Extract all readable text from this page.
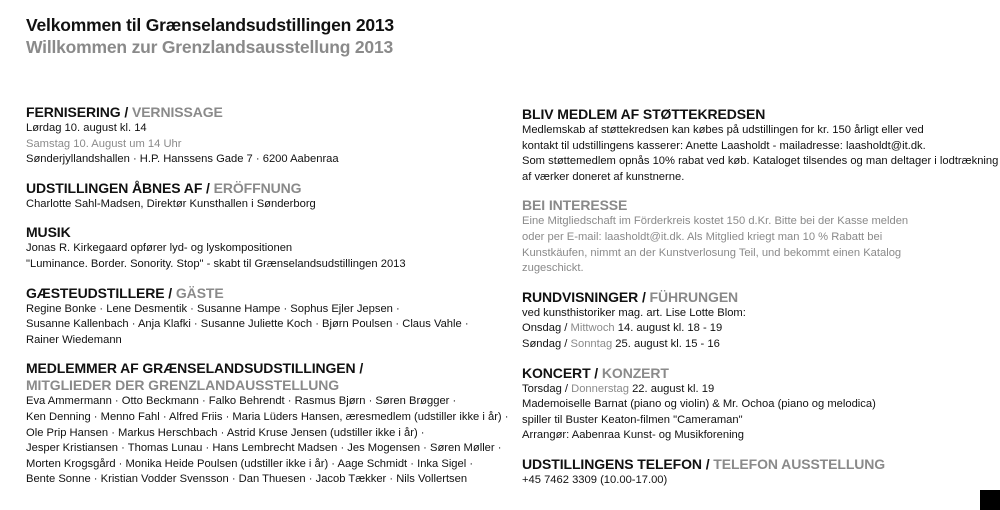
Velkommen til Grænselandsudstillingen 2013
Willkommen zur Grenzlandsausstellung 2013
FERNISERING / VERNISSAGE
Lørdag 10. august kl. 14
Samstag 10. August um 14 Uhr
Sønderjyllandshallen · H.P. Hanssens Gade 7 · 6200 Aabenraa
UDSTILLINGEN ÅBNES AF / ERÖFFNUNG
Charlotte Sahl-Madsen, Direktør Kunsthallen i Sønderborg
MUSIK
Jonas R. Kirkegaard opfører lyd- og lyskompositionen
"Luminance. Border. Sonority. Stop" - skabt til Grænselandsudstillingen 2013
GÆSTEUDSTILLERE / GÄSTE
Regine Bonke · Lene Desmentik · Susanne Hampe · Sophus Ejler Jepsen ·
Susanne Kallenbach · Anja Klafki · Susanne Juliette Koch · Bjørn Poulsen · Claus Vahle ·
Rainer Wiedemann
MEDLEMMER AF GRÆNSELANDSUDSTILLINGEN /
MITGLIEDER DER GRENZLANDAUSSTELLUNG
Eva Ammermann · Otto Beckmann · Falko Behrendt · Rasmus Bjørn · Søren Brøgger ·
Ken Denning · Menno Fahl · Alfred Friis · Maria Lüders Hansen, æresmedlem (udstiller ikke i år) ·
Ole Prip Hansen · Markus Herschbach · Astrid Kruse Jensen (udstiller ikke i år) ·
Jesper Kristiansen · Thomas Lunau · Hans Lembrecht Madsen · Jes Mogensen · Søren Møller ·
Morten Krogsgård · Monika Heide Poulsen (udstiller ikke i år) · Aage Schmidt · Inka Sigel ·
Bente Sonne · Kristian Vodder Svensson · Dan Thuesen · Jacob Tækker · Nils Vollertsen
BLIV MEDLEM AF STØTTEKREDSEN
Medlemskab af støttekredsen kan købes på udstillingen for kr. 150 årligt eller ved
kontakt til udstillingens kasserer: Anette Laasholdt - mailadresse: laasholdt@it.dk.
Som støttemedlem opnås 10% rabat ved køb. Kataloget tilsendes og man deltager i lodtrækning
af værker doneret af kunstnerne.
BEI INTERESSE
Eine Mitgliedschaft im Förderkreis kostet 150 d.Kr. Bitte bei der Kasse melden
oder per E-mail: laasholdt@it.dk. Als Mitglied kriegt man 10 % Rabatt bei
Kunstkäufen, nimmt an der Kunstverlosung Teil, und bekommt einen Katalog
zugeschickt.
RUNDVISNINGER / FÜHRUNGEN
ved kunsthistoriker mag. art. Lise Lotte Blom:
Onsdag / Mittwoch 14. august kl. 18 - 19
Søndag / Sonntag 25. august kl. 15 - 16
KONCERT / KONZERT
Torsdag / Donnerstag 22. august kl. 19
Mademoiselle Barnat (piano og violin) & Mr. Ochoa (piano og melodica)
spiller til Buster Keaton-filmen "Cameraman"
Arrangør: Aabenraa Kunst- og Musikforening
UDSTILLINGENS TELEFON / TELEFON AUSSTELLUNG
+45 7462 3309 (10.00-17.00)
